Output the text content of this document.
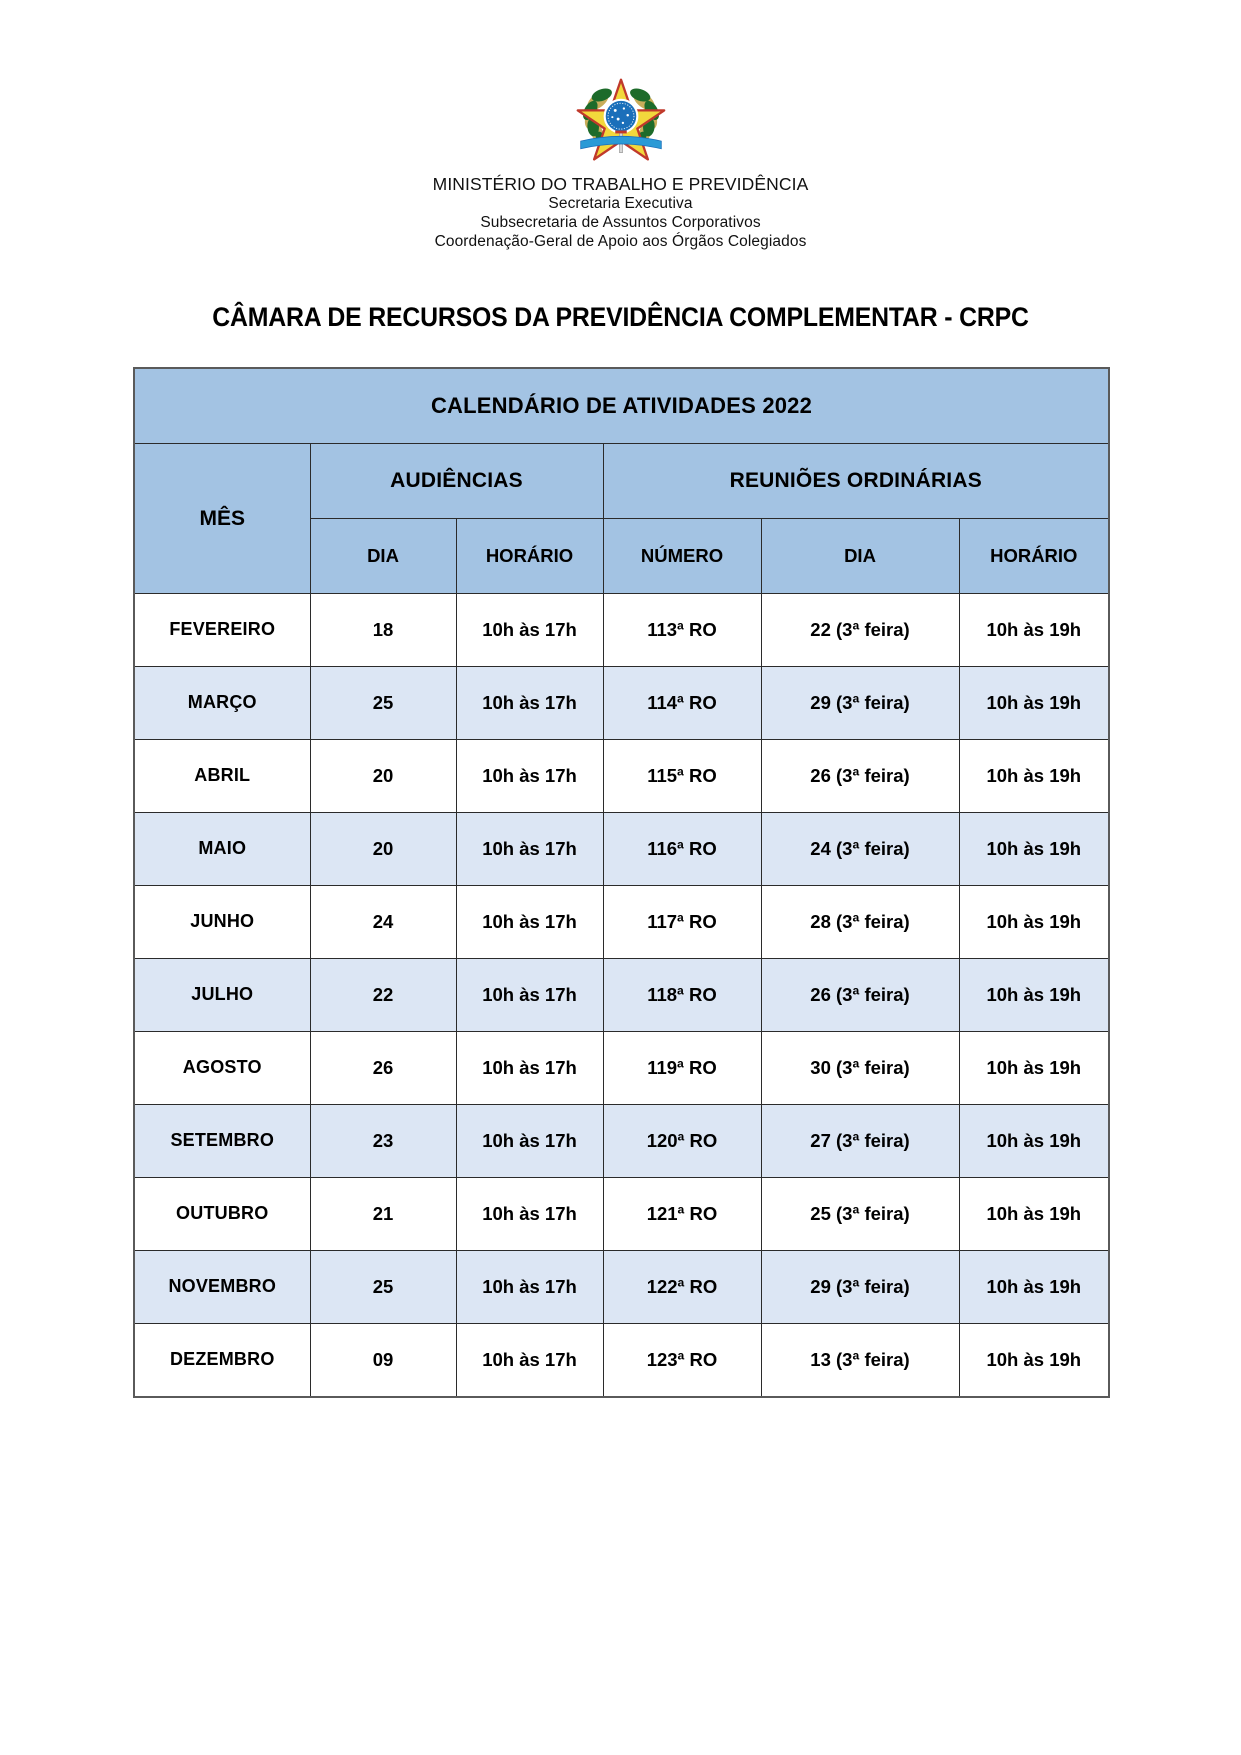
MINISTÉRIO DO TRABALHO E PREVIDÊNCIA
Secretaria Executiva
Subsecretaria de Assuntos Corporativos
Coordenação-Geral de Apoio aos Órgãos Colegiados
CÂMARA DE RECURSOS DA PREVIDÊNCIA COMPLEMENTAR - CRPC
CALENDÁRIO DE ATIVIDADES 2022					
MÊS	AUDIÊNCIAS		REUNIÕES ORDINÁRIAS		
	DIA	HORÁRIO	NÚMERO	DIA	HORÁRIO
FEVEREIRO	18	10h às 17h	113ª RO	22 (3ª feira)	10h às 19h
MARÇO	25	10h às 17h	114ª RO	29 (3ª feira)	10h às 19h
ABRIL	20	10h às 17h	115ª RO	26 (3ª feira)	10h às 19h
MAIO	20	10h às 17h	116ª RO	24 (3ª feira)	10h às 19h
JUNHO	24	10h às 17h	117ª RO	28 (3ª feira)	10h às 19h
JULHO	22	10h às 17h	118ª RO	26 (3ª feira)	10h às 19h
AGOSTO	26	10h às 17h	119ª RO	30 (3ª feira)	10h às 19h
SETEMBRO	23	10h às 17h	120ª RO	27 (3ª feira)	10h às 19h
OUTUBRO	21	10h às 17h	121ª RO	25 (3ª feira)	10h às 19h
NOVEMBRO	25	10h às 17h	122ª RO	29 (3ª feira)	10h às 19h
DEZEMBRO	09	10h às 17h	123ª RO	13 (3ª feira)	10h às 19h
